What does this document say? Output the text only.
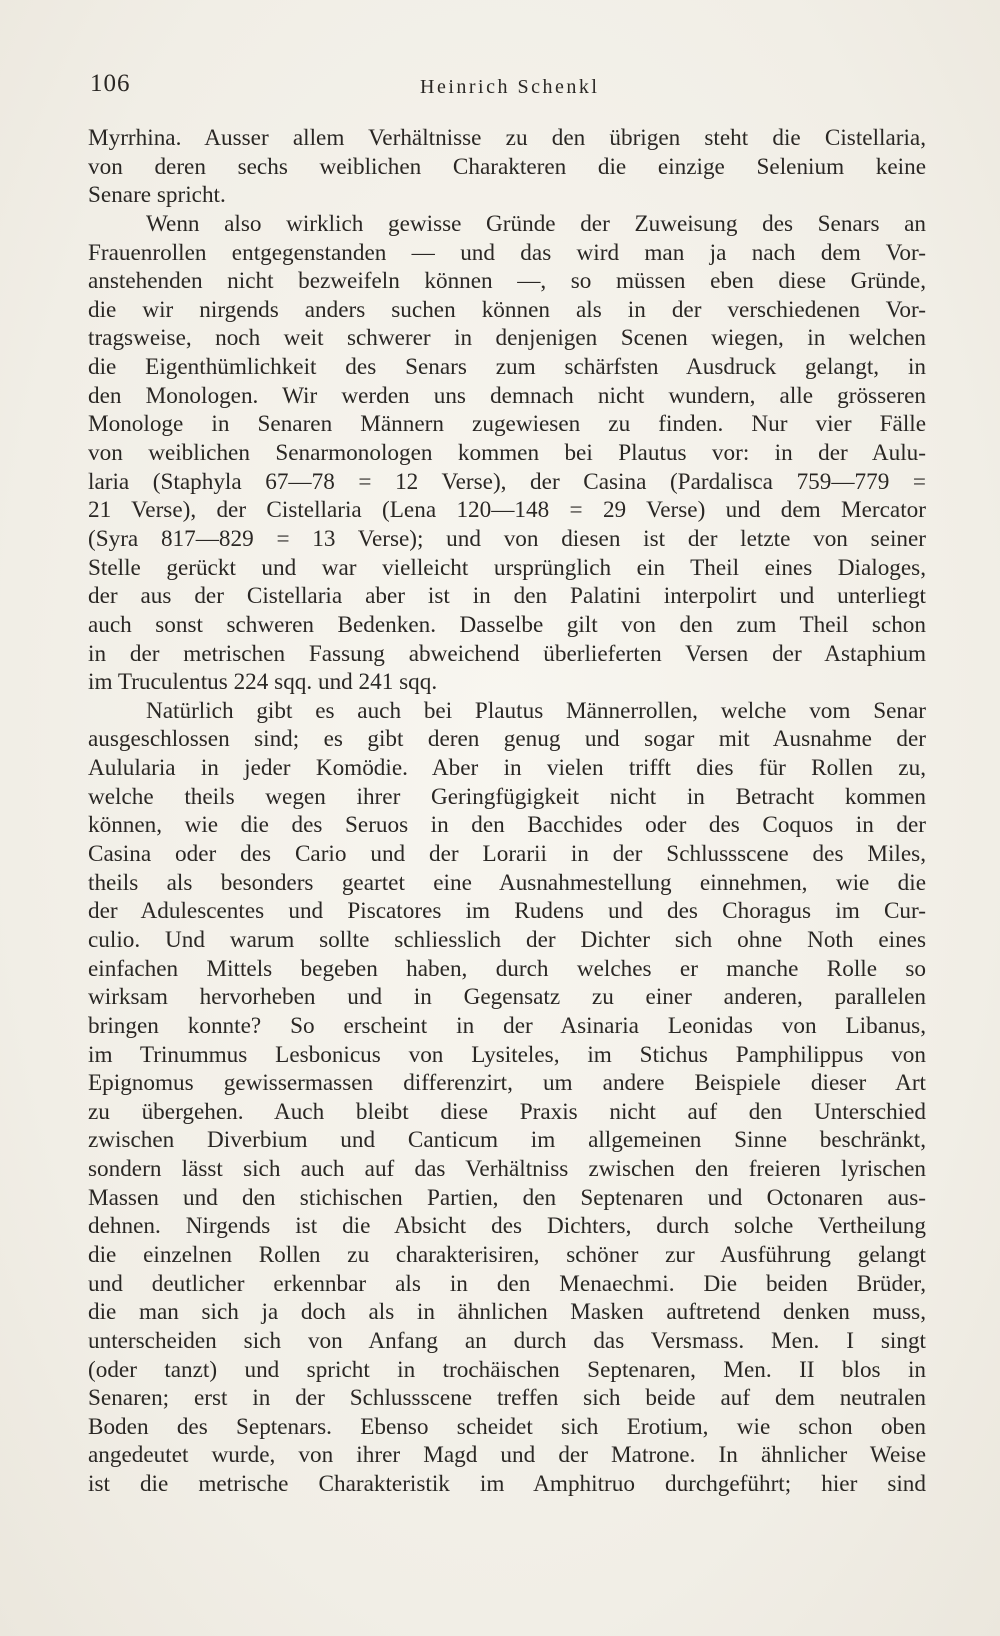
106	Heinrich Schenkl
Myrrhina. Ausser allem Verhältnisse zu den übrigen steht die Cistellaria,
von deren sechs weiblichen Charakteren die einzige Selenium keine
Senare spricht.
Wenn also wirklich gewisse Gründe der Zuweisung des Senars an
Frauenrollen entgegenstanden — und das wird man ja nach dem Vor-
anstehenden nicht bezweifeln können —, so müssen eben diese Gründe,
die wir nirgends anders suchen können als in der verschiedenen Vor-
tragsweise, noch weit schwerer in denjenigen Scenen wiegen, in welchen
die Eigenthümlichkeit des Senars zum schärfsten Ausdruck gelangt, in
den Monologen. Wir werden uns demnach nicht wundern, alle grösseren
Monologe in Senaren Männern zugewiesen zu finden. Nur vier Fälle
von weiblichen Senarmonologen kommen bei Plautus vor: in der Aulu-
laria (Staphyla 67—78 = 12 Verse), der Casina (Pardalisca 759—779 =
21 Verse), der Cistellaria (Lena 120—148 = 29 Verse) und dem Mercator
(Syra 817—829 = 13 Verse); und von diesen ist der letzte von seiner
Stelle gerückt und war vielleicht ursprünglich ein Theil eines Dialoges,
der aus der Cistellaria aber ist in den Palatini interpolirt und unterliegt
auch sonst schweren Bedenken. Dasselbe gilt von den zum Theil schon
in der metrischen Fassung abweichend überlieferten Versen der Astaphium
im Truculentus 224 sqq. und 241 sqq.
Natürlich gibt es auch bei Plautus Männerrollen, welche vom Senar
ausgeschlossen sind; es gibt deren genug und sogar mit Ausnahme der
Aulularia in jeder Komödie. Aber in vielen trifft dies für Rollen zu,
welche theils wegen ihrer Geringfügigkeit nicht in Betracht kommen
können, wie die des Seruos in den Bacchides oder des Coquos in der
Casina oder des Cario und der Lorarii in der Schlussscene des Miles,
theils als besonders geartet eine Ausnahmestellung einnehmen, wie die
der Adulescentes und Piscatores im Rudens und des Choragus im Cur-
culio. Und warum sollte schliesslich der Dichter sich ohne Noth eines
einfachen Mittels begeben haben, durch welches er manche Rolle so
wirksam hervorheben und in Gegensatz zu einer anderen, parallelen
bringen konnte? So erscheint in der Asinaria Leonidas von Libanus,
im Trinummus Lesbonicus von Lysiteles, im Stichus Pamphilippus von
Epignomus gewissermassen differenzirt, um andere Beispiele dieser Art
zu übergehen. Auch bleibt diese Praxis nicht auf den Unterschied
zwischen Diverbium und Canticum im allgemeinen Sinne beschränkt,
sondern lässt sich auch auf das Verhältniss zwischen den freieren lyrischen
Massen und den stichischen Partien, den Septenaren und Octonaren aus-
dehnen. Nirgends ist die Absicht des Dichters, durch solche Vertheilung
die einzelnen Rollen zu charakterisiren, schöner zur Ausführung gelangt
und deutlicher erkennbar als in den Menaechmi. Die beiden Brüder,
die man sich ja doch als in ähnlichen Masken auftretend denken muss,
unterscheiden sich von Anfang an durch das Versmass. Men. I singt
(oder tanzt) und spricht in trochäischen Septenaren, Men. II blos in
Senaren; erst in der Schlussscene treffen sich beide auf dem neutralen
Boden des Septenars. Ebenso scheidet sich Erotium, wie schon oben
angedeutet wurde, von ihrer Magd und der Matrone. In ähnlicher Weise
ist die metrische Charakteristik im Amphitruo durchgeführt; hier sind
